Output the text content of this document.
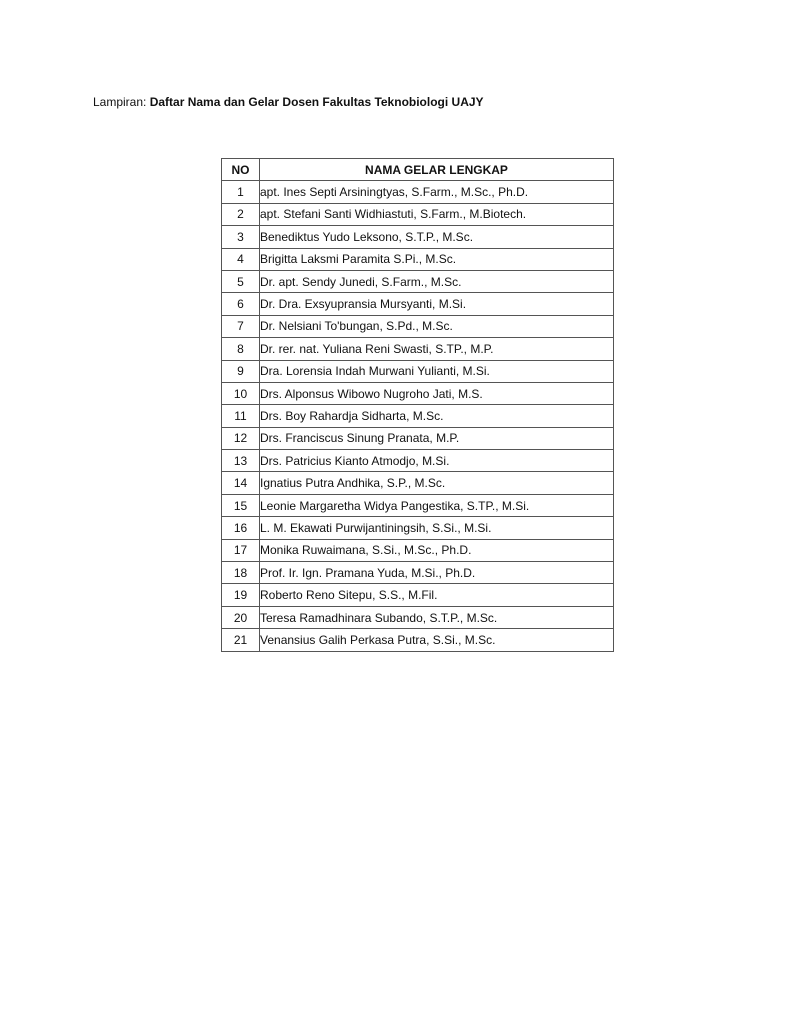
Lampiran: Daftar Nama dan Gelar Dosen Fakultas Teknobiologi UAJY
NO	NAMA GELAR LENGKAP
1	apt. Ines Septi Arsiningtyas, S.Farm., M.Sc., Ph.D.
2	apt. Stefani Santi Widhiastuti, S.Farm., M.Biotech.
3	Benediktus Yudo Leksono, S.T.P., M.Sc.
4	Brigitta Laksmi Paramita S.Pi., M.Sc.
5	Dr. apt. Sendy Junedi, S.Farm., M.Sc.
6	Dr. Dra. Exsyupransia Mursyanti, M.Si.
7	Dr. Nelsiani To'bungan, S.Pd., M.Sc.
8	Dr. rer. nat. Yuliana Reni Swasti, S.TP., M.P.
9	Dra. Lorensia Indah Murwani Yulianti, M.Si.
10	Drs. Alponsus Wibowo Nugroho Jati, M.S.
11	Drs. Boy Rahardja Sidharta, M.Sc.
12	Drs. Franciscus Sinung Pranata, M.P.
13	Drs. Patricius Kianto Atmodjo, M.Si.
14	Ignatius Putra Andhika, S.P., M.Sc.
15	Leonie Margaretha Widya Pangestika, S.TP., M.Si.
16	L. M. Ekawati Purwijantiningsih, S.Si., M.Si.
17	Monika Ruwaimana, S.Si., M.Sc., Ph.D.
18	Prof. Ir. Ign. Pramana Yuda, M.Si., Ph.D.
19	Roberto Reno Sitepu, S.S., M.Fil.
20	Teresa Ramadhinara Subando, S.T.P., M.Sc.
21	Venansius Galih Perkasa Putra, S.Si., M.Sc.
